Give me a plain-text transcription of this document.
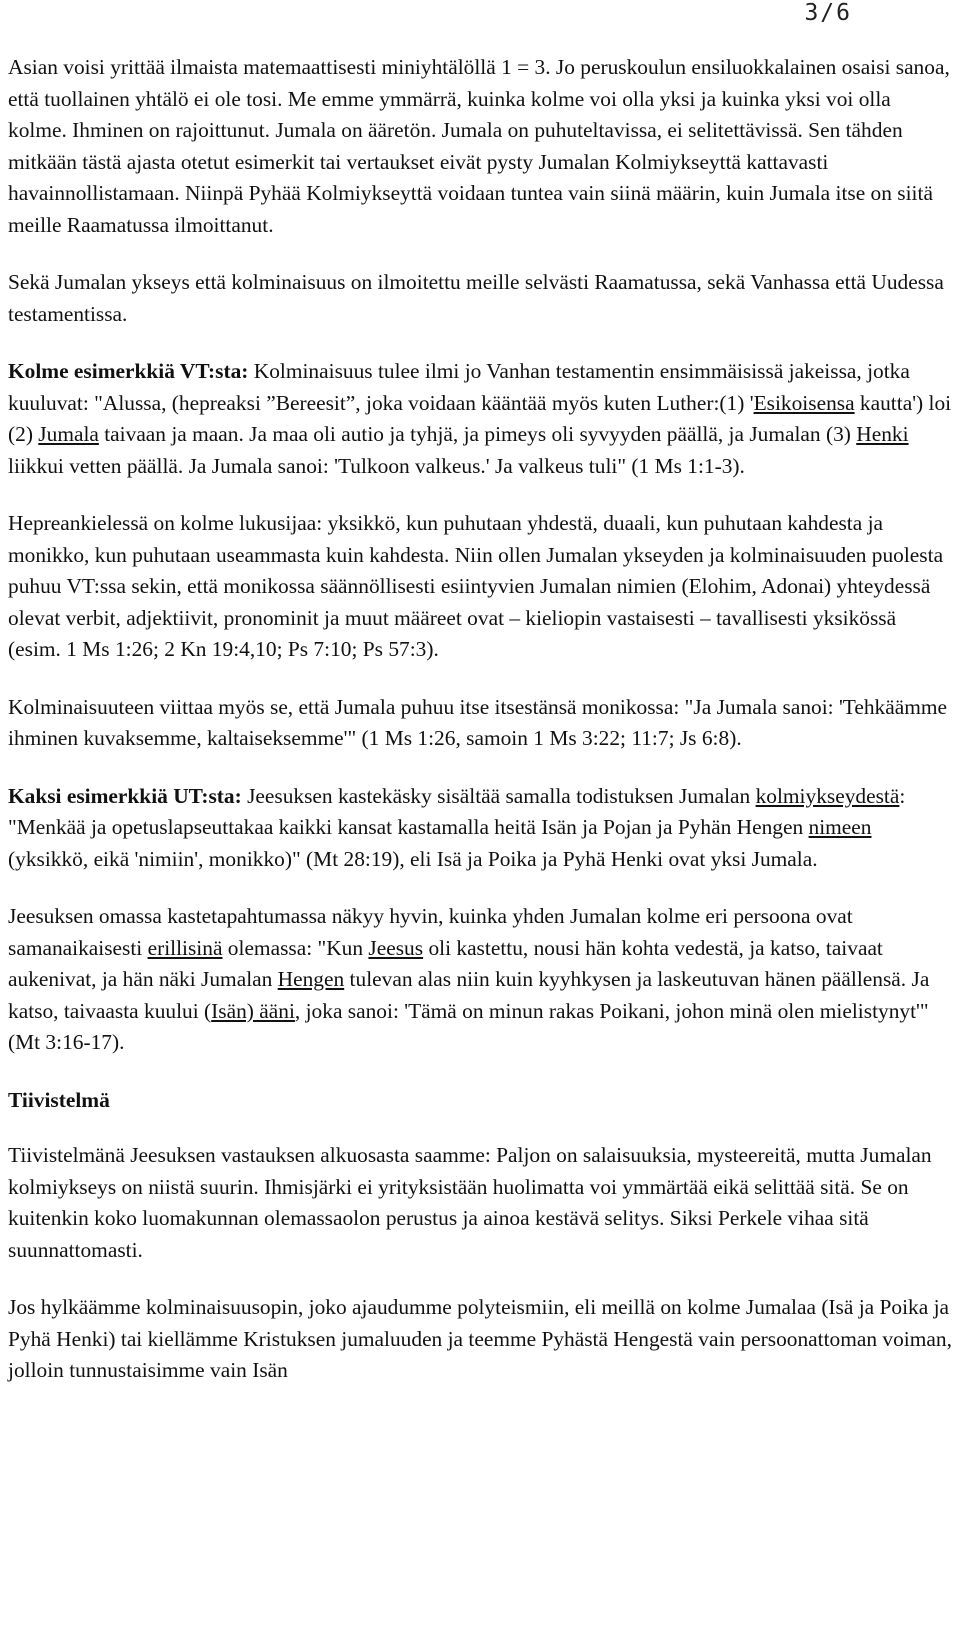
3/6

Asian voisi yrittää ilmaista matemaattisesti miniyhtälöllä 1 = 3. Jo peruskoulun ensiluokkalainen osaisi sanoa, että tuollainen yhtälö ei ole tosi. Me emme ymmärrä, kuinka kolme voi olla yksi ja kuinka yksi voi olla kolme. Ihminen on rajoittunut. Jumala on ääretön. Jumala on puhuteltavissa, ei selitettävissä. Sen tähden mitkään tästä ajasta otetut esimerkit tai vertaukset eivät pysty Jumalan Kolmiykseyttä kattavasti havainnollistamaan. Niinpä Pyhää Kolmiykseyttä voidaan tuntea vain siinä määrin, kuin Jumala itse on siitä meille Raamatussa ilmoittanut.

Sekä Jumalan ykseys että kolminaisuus on ilmoitettu meille selvästi Raamatussa, sekä Vanhassa että Uudessa testamentissa.

Kolme esimerkkiä VT:sta: Kolminaisuus tulee ilmi jo Vanhan testamentin ensimmäisissä jakeissa, jotka kuuluvat: "Alussa, (hepreaksi ”Bereesit”, joka voidaan kääntää myös kuten Luther:(1) 'Esikoisensa kautta') loi (2) Jumala taivaan ja maan. Ja maa oli autio ja tyhjä, ja pimeys oli syvyyden päällä, ja Jumalan (3) Henki liikkui vetten päällä. Ja Jumala sanoi: 'Tulkoon valkeus.' Ja valkeus tuli" (1 Ms 1:1-3).

Hepreankielessä on kolme lukusijaa: yksikkö, kun puhutaan yhdestä, duaali, kun puhutaan kahdesta ja monikko, kun puhutaan useammasta kuin kahdesta. Niin ollen Jumalan ykseyden ja kolminaisuuden puolesta puhuu VT:ssa sekin, että monikossa säännöllisesti esiintyvien Jumalan nimien (Elohim, Adonai) yhteydessä olevat verbit, adjektiivit, pronominit ja muut määreet ovat – kieliopin vastaisesti – tavallisesti yksikössä (esim. 1 Ms 1:26; 2 Kn 19:4,10; Ps 7:10; Ps 57:3).

Kolminaisuuteen viittaa myös se, että Jumala puhuu itse itsestänsä monikossa: "Ja Jumala sanoi: 'Tehkäämme ihminen kuvaksemme, kaltaiseksemme'" (1 Ms 1:26, samoin 1 Ms 3:22; 11:7; Js 6:8).

Kaksi esimerkkiä UT:sta: Jeesuksen kastekäsky sisältää samalla todistuksen Jumalan kolmiykseydestä: "Menkää ja opetuslapseuttakaa kaikki kansat kastamalla heitä Isän ja Pojan ja Pyhän Hengen nimeen (yksikkö, eikä 'nimiin', monikko)" (Mt 28:19), eli Isä ja Poika ja Pyhä Henki ovat yksi Jumala.

Jeesuksen omassa kastetapahtumassa näkyy hyvin, kuinka yhden Jumalan kolme eri persoona ovat samanaikaisesti erillisinä olemassa: "Kun Jeesus oli kastettu, nousi hän kohta vedestä, ja katso, taivaat aukenivat, ja hän näki Jumalan Hengen tulevan alas niin kuin kyyhkysen ja laskeutuvan hänen päällensä. Ja katso, taivaasta kuului (Isän) ääni, joka sanoi: 'Tämä on minun rakas Poikani, johon minä olen mielistynyt'" (Mt 3:16-17).

Tiivistelmä

Tiivistelmänä Jeesuksen vastauksen alkuosasta saamme: Paljon on salaisuuksia, mysteereitä, mutta Jumalan kolmiykseys on niistä suurin. Ihmisjärki ei yrityksistään huolimatta voi ymmärtää eikä selittää sitä. Se on kuitenkin koko luomakunnan olemassaolon perustus ja ainoa kestävä selitys. Siksi Perkele vihaa sitä suunnattomasti.

Jos hylkäämme kolminaisuusopin, joko ajaudumme polyteismiin, eli meillä on kolme Jumalaa (Isä ja Poika ja Pyhä Henki) tai kiellämme Kristuksen jumaluuden ja teemme Pyhästä Hengestä vain persoonattoman voiman, jolloin tunnustaisimme vain Isän
